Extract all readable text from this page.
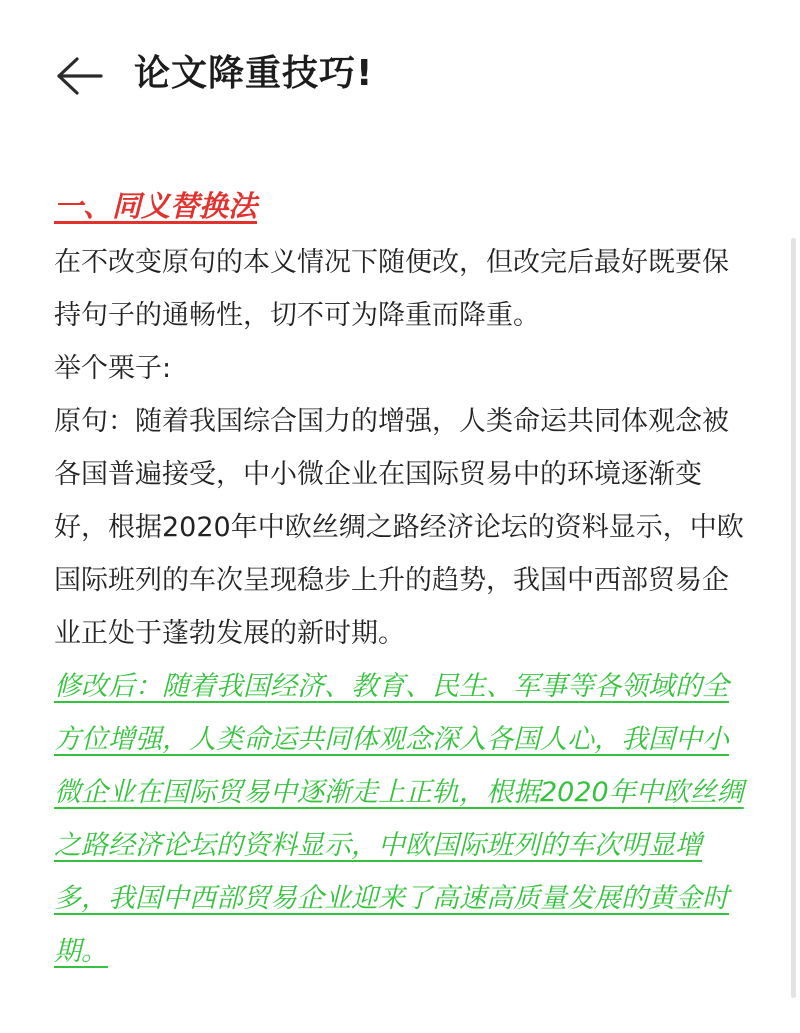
论文降重技巧!
一、同义替换法

在不改变原句的本义情况下随便改，但改完后最好既要保持句子的通畅性，切不可为降重而降重。

举个栗子:

原句：随着我国综合国力的增强，人类命运共同体观念被各国普遍接受，中小微企业在国际贸易中的环境逐渐变好，根据2020年中欧丝绸之路经济论坛的资料显示，中欧国际班列的车次呈现稳步上升的趋势，我国中西部贸易企业正处于蓬勃发展的新时期。

修改后：随着我国经济、教育、民生、军事等各领域的全方位增强，人类命运共同体观念深入各国人心，我国中小微企业在国际贸易中逐渐走上正轨，根据2020年中欧丝绸之路经济论坛的资料显示，中欧国际班列的车次明显增多，我国中西部贸易企业迎来了高速高质量发展的黄金时期。
